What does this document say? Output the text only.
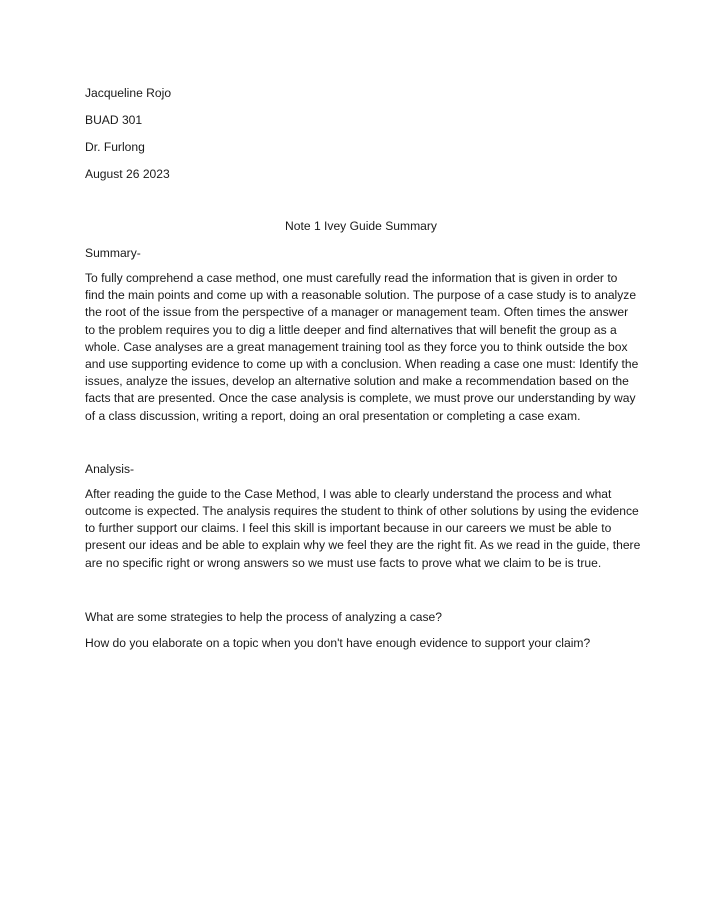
Jacqueline Rojo

BUAD 301

Dr. Furlong

August 26 2023

Note 1 Ivey Guide Summary

Summary-

To fully comprehend a case method, one must carefully read the information that is given in order to
find the main points and come up with a reasonable solution. The purpose of a case study is to analyze
the root of the issue from the perspective of a manager or management team. Often times the answer
to the problem requires you to dig a little deeper and find alternatives that will benefit the group as a
whole. Case analyses are a great management training tool as they force you to think outside the box
and use supporting evidence to come up with a conclusion. When reading a case one must: Identify the
issues, analyze the issues, develop an alternative solution and make a recommendation based on the
facts that are presented. Once the case analysis is complete, we must prove our understanding by way
of a class discussion, writing a report, doing an oral presentation or completing a case exam.

Analysis-

After reading the guide to the Case Method, I was able to clearly understand the process and what
outcome is expected. The analysis requires the student to think of other solutions by using the evidence
to further support our claims. I feel this skill is important because in our careers we must be able to
present our ideas and be able to explain why we feel they are the right fit. As we read in the guide, there
are no specific right or wrong answers so we must use facts to prove what we claim to be is true.

What are some strategies to help the process of analyzing a case?

How do you elaborate on a topic when you don't have enough evidence to support your claim?
